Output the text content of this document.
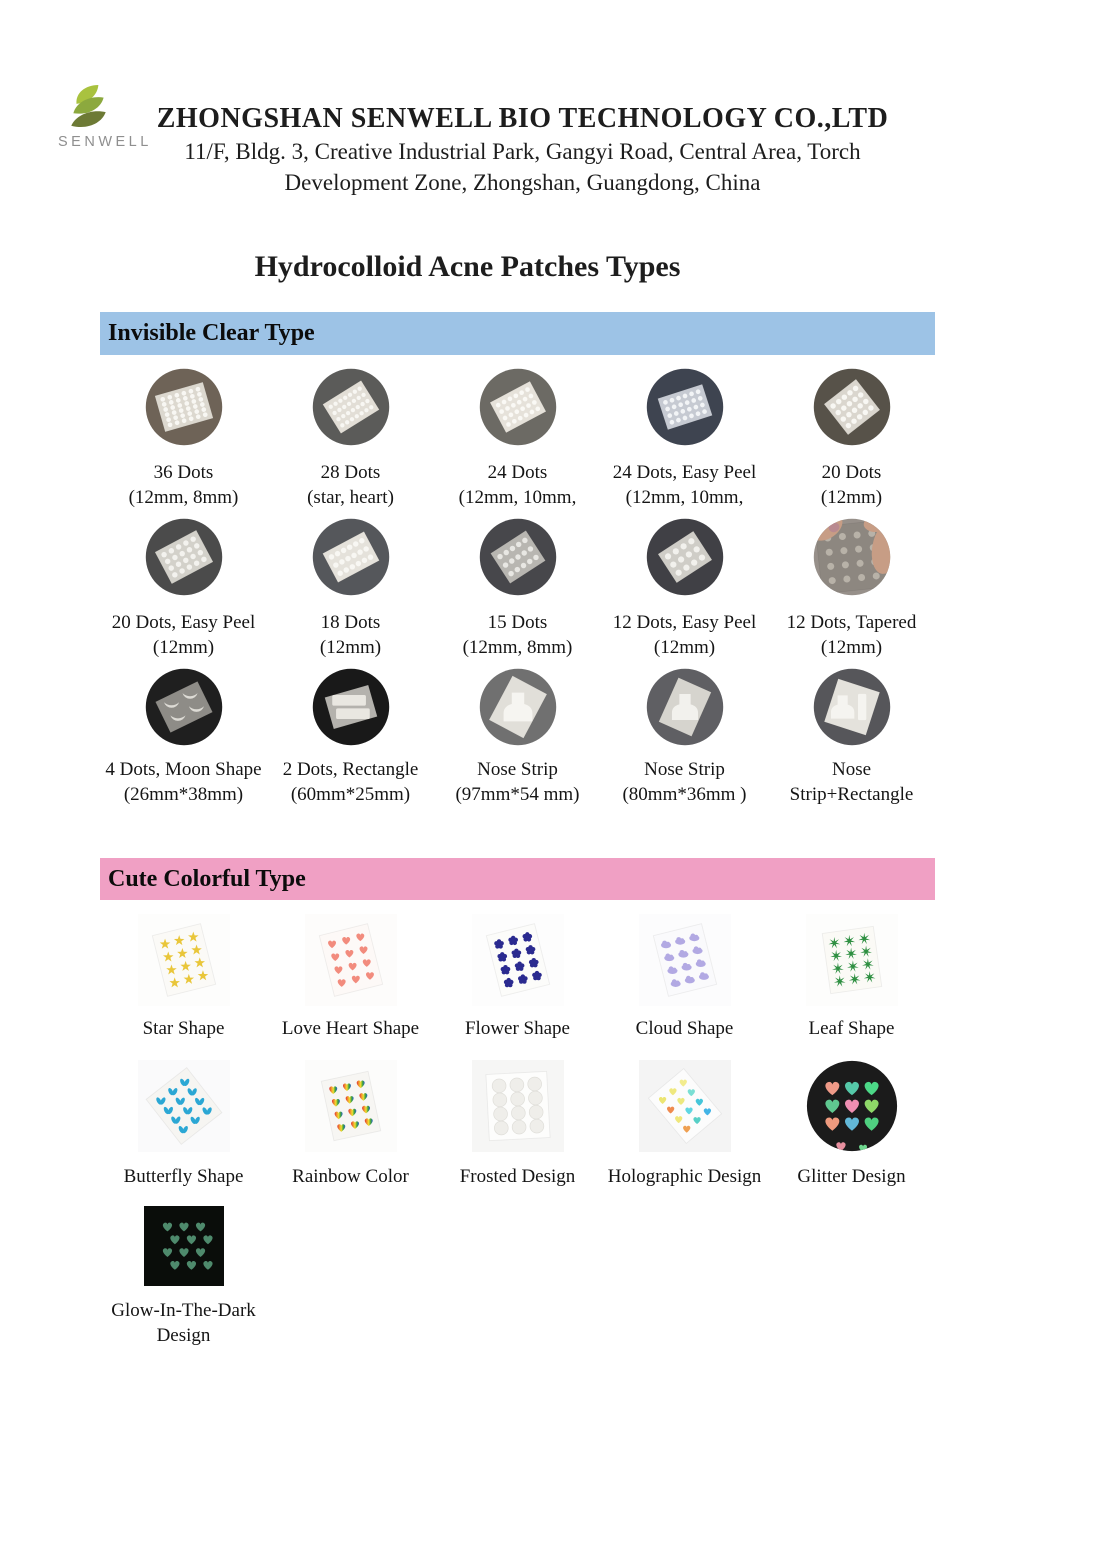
SENWELL
ZHONGSHAN SENWELL BIO TECHNOLOGY CO.,LTD
11/F, Bldg. 3, Creative Industrial Park, Gangyi Road, Central Area, Torch
Development Zone, Zhongshan, Guangdong, China
Hydrocolloid Acne Patches Types
Invisible Clear Type
36 Dots
(12mm, 8mm)
28 Dots
(star, heart)
24 Dots
(12mm, 10mm,
24 Dots, Easy Peel
(12mm, 10mm,
20 Dots
(12mm)
20 Dots, Easy Peel
(12mm)
18 Dots
(12mm)
15 Dots
(12mm, 8mm)
12 Dots, Easy Peel
(12mm)
12 Dots, Tapered
(12mm)
4 Dots, Moon Shape
(26mm*38mm)
2 Dots, Rectangle
(60mm*25mm)
Nose Strip
(97mm*54 mm)
Nose Strip
(80mm*36mm )
Nose
Strip+Rectangle
Cute Colorful Type
Star Shape	Love Heart Shape	Flower Shape	Cloud Shape	Leaf Shape
Butterfly Shape	Rainbow Color	Frosted Design	Holographic Design	Glitter Design
Glow-In-The-Dark
Design
